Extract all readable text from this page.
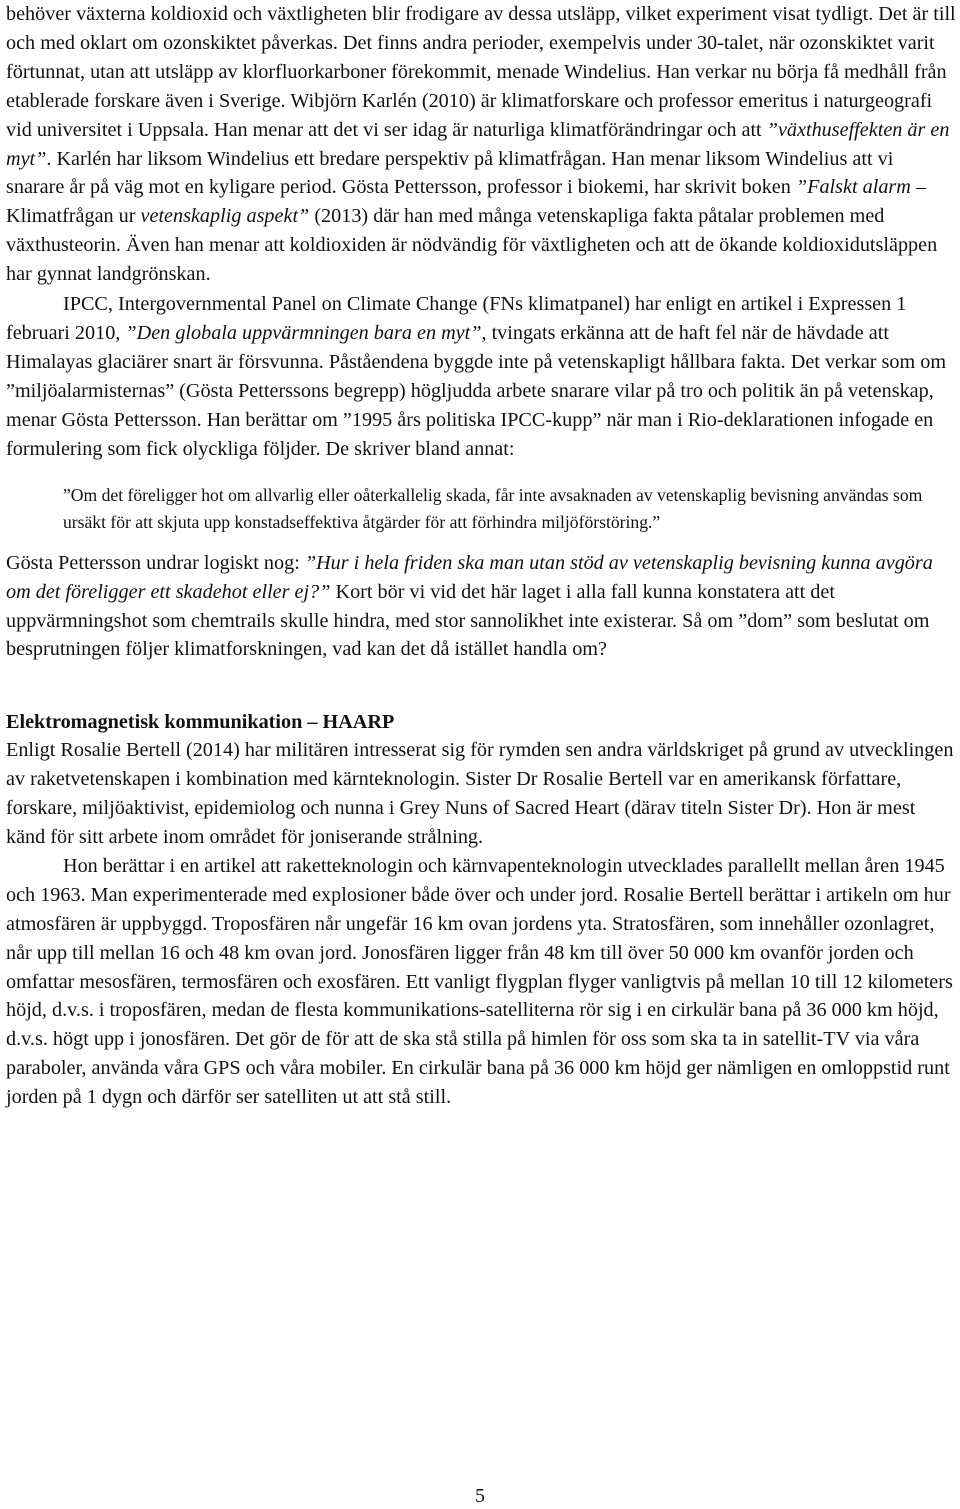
behöver växterna koldioxid och växtligheten blir frodigare av dessa utsläpp, vilket experiment visat tydligt. Det är till och med oklart om ozonskiktet påverkas. Det finns andra perioder, exempelvis under 30-talet, när ozonskiktet varit förtunnat, utan att utsläpp av klorfluorkarboner förekommit, menade Windelius. Han verkar nu börja få medhåll från etablerade forskare även i Sverige. Wibjörn Karlén (2010) är klimatforskare och professor emeritus i naturgeografi vid universitet i Uppsala. Han menar att det vi ser idag är naturliga klimatförändringar och att ”växthuseffekten är en myt”. Karlén har liksom Windelius ett bredare perspektiv på klimatfrågan. Han menar liksom Windelius att vi snarare år på väg mot en kyligare period. Gösta Pettersson, professor i biokemi, har skrivit boken ”Falskt alarm – Klimatfrågan ur vetenskaplig aspekt” (2013) där han med många vetenskapliga fakta påtalar problemen med växthusteorin. Även han menar att koldioxiden är nödvändig för växtligheten och att de ökande koldioxidutsläppen har gynnat landgrönskan.

IPCC, Intergovernmental Panel on Climate Change (FNs klimatpanel) har enligt en artikel i Expressen 1 februari 2010, ”Den globala uppvärmningen bara en myt”, tvingats erkänna att de haft fel när de hävdade att Himalayas glaciärer snart är försvunna. Påståendena byggde inte på vetenskapligt hållbara fakta. Det verkar som om ”miljöalarmisternas” (Gösta Petterssons begrepp) högljudda arbete snarare vilar på tro och politik än på vetenskap, menar Gösta Pettersson. Han berättar om ”1995 års politiska IPCC-kupp” när man i Rio-deklarationen infogade en formulering som fick olyckliga följder. De skriver bland annat:

”Om det föreligger hot om allvarlig eller oåterkallelig skada, får inte avsaknaden av vetenskaplig bevisning användas som ursäkt för att skjuta upp konstadseffektiva åtgärder för att förhindra miljöförstöring.”

Gösta Pettersson undrar logiskt nog: ”Hur i hela friden ska man utan stöd av vetenskaplig bevisning kunna avgöra om det föreligger ett skadehot eller ej?” Kort bör vi vid det här laget i alla fall kunna konstatera att det uppvärmningshot som chemtrails skulle hindra, med stor sannolikhet inte existerar. Så om ”dom” som beslutat om besprutningen följer klimatforskningen, vad kan det då istället handla om?

Elektromagnetisk kommunikation – HAARP

Enligt Rosalie Bertell (2014) har militären intresserat sig för rymden sen andra världskriget på grund av utvecklingen av raketvetenskapen i kombination med kärnteknologin. Sister Dr Rosalie Bertell var en amerikansk författare, forskare, miljöaktivist, epidemiolog och nunna i Grey Nuns of Sacred Heart (därav titeln Sister Dr). Hon är mest känd för sitt arbete inom området för joniserande strålning.

Hon berättar i en artikel att raketteknologin och kärnvapenteknologin utvecklades parallellt mellan åren 1945 och 1963. Man experimenterade med explosioner både över och under jord. Rosalie Bertell berättar i artikeln om hur atmosfären är uppbyggd. Troposfären når ungefär 16 km ovan jordens yta. Stratosfären, som innehåller ozonlagret, når upp till mellan 16 och 48 km ovan jord. Jonosfären ligger från 48 km till över 50 000 km ovanför jorden och omfattar mesosfären, termosfären och exosfären. Ett vanligt flygplan flyger vanligtvis på mellan 10 till 12 kilometers höjd, d.v.s. i troposfären, medan de flesta kommunikations-satelliterna rör sig i en cirkulär bana på 36 000 km höjd, d.v.s. högt upp i jonosfären. Det gör de för att de ska stå stilla på himlen för oss som ska ta in satellit-TV via våra paraboler, använda våra GPS och våra mobiler. En cirkulär bana på 36 000 km höjd ger nämligen en omloppstid runt jorden på 1 dygn och därför ser satelliten ut att stå still.

5
